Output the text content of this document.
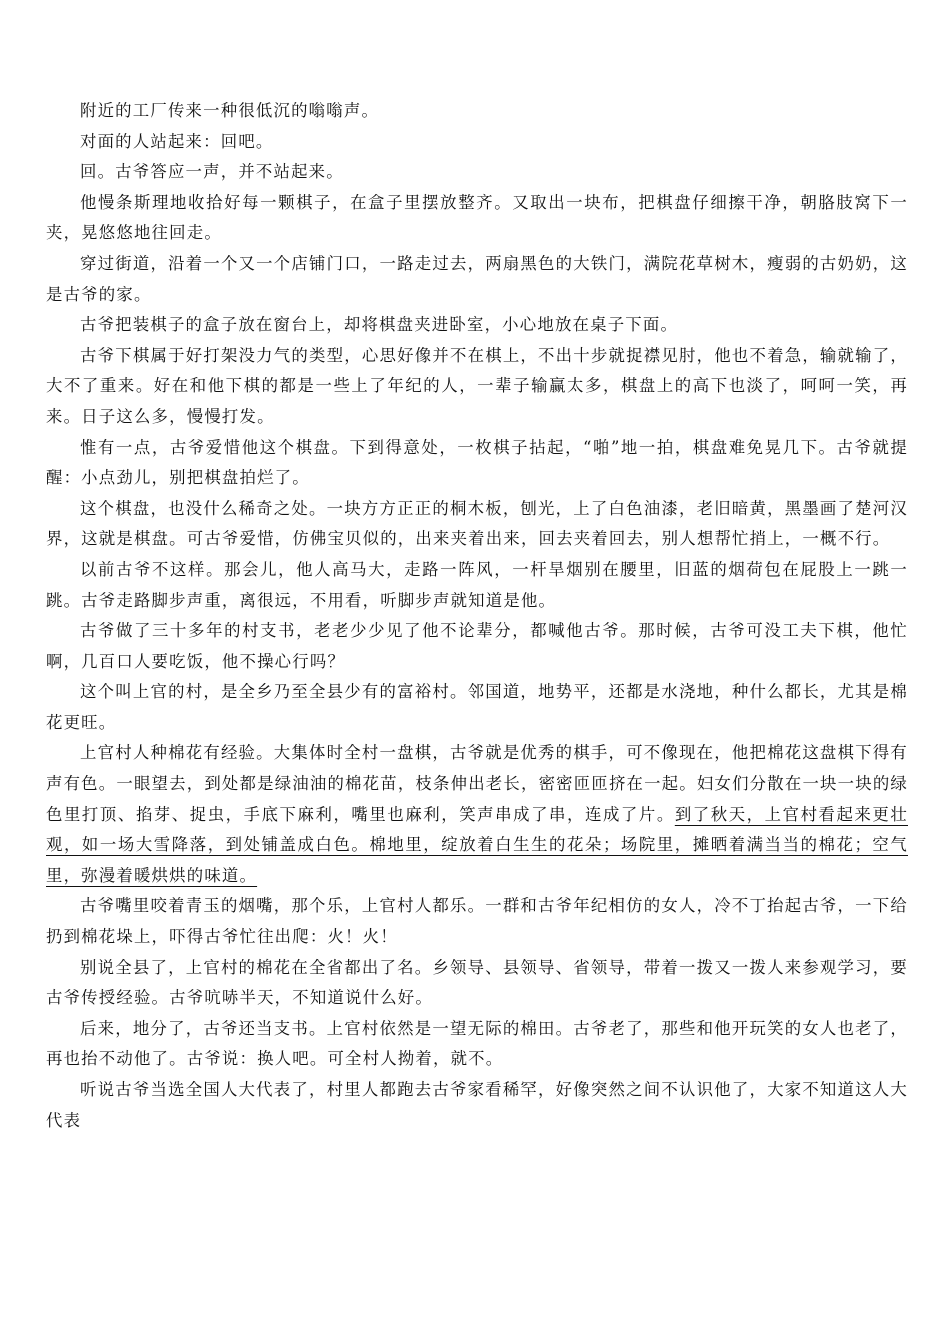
附近的工厂传来一种很低沉的嗡嗡声。

对面的人站起来：回吧。

回。古爷答应一声，并不站起来。

他慢条斯理地收拾好每一颗棋子，在盒子里摆放整齐。又取出一块布，把棋盘仔细擦干净，朝胳肢窝下一夹，晃悠悠地往回走。

穿过街道，沿着一个又一个店铺门口，一路走过去，两扇黑色的大铁门，满院花草树木，瘦弱的古奶奶，这是古爷的家。

古爷把装棋子的盒子放在窗台上，却将棋盘夹进卧室，小心地放在桌子下面。

古爷下棋属于好打架没力气的类型，心思好像并不在棋上，不出十步就捉襟见肘，他也不着急，输就输了，大不了重来。好在和他下棋的都是一些上了年纪的人，一辈子输赢太多，棋盘上的高下也淡了，呵呵一笑，再来。日子这么多，慢慢打发。

惟有一点，古爷爱惜他这个棋盘。下到得意处，一枚棋子拈起，“啪”地一拍，棋盘难免晃几下。古爷就提醒：小点劲儿，别把棋盘拍烂了。

这个棋盘，也没什么稀奇之处。一块方方正正的桐木板，刨光，上了白色油漆，老旧暗黄，黑墨画了楚河汉界，这就是棋盘。可古爷爱惜，仿佛宝贝似的，出来夹着出来，回去夹着回去，别人想帮忙捎上，一概不行。

以前古爷不这样。那会儿，他人高马大，走路一阵风，一杆旱烟别在腰里，旧蓝的烟荷包在屁股上一跳一跳。古爷走路脚步声重，离很远，不用看，听脚步声就知道是他。

古爷做了三十多年的村支书，老老少少见了他不论辈分，都喊他古爷。那时候，古爷可没工夫下棋，他忙啊，几百口人要吃饭，他不操心行吗？

这个叫上官的村，是全乡乃至全县少有的富裕村。邻国道，地势平，还都是水浇地，种什么都长，尤其是棉花更旺。

上官村人种棉花有经验。大集体时全村一盘棋，古爷就是优秀的棋手，可不像现在，他把棉花这盘棋下得有声有色。一眼望去，到处都是绿油油的棉花苗，枝条伸出老长，密密匝匝挤在一起。妇女们分散在一块一块的绿色里打顶、掐芽、捉虫，手底下麻利，嘴里也麻利，笑声串成了串，连成了片。到了秋天，上官村看起来更壮观，如一场大雪降落，到处铺盖成白色。棉地里，绽放着白生生的花朵；场院里，摊晒着满当当的棉花；空气里，弥漫着暖烘烘的味道。

古爷嘴里咬着青玉的烟嘴，那个乐，上官村人都乐。一群和古爷年纪相仿的女人，冷不丁抬起古爷，一下给扔到棉花垛上，吓得古爷忙往出爬：火！火！

别说全县了，上官村的棉花在全省都出了名。乡领导、县领导、省领导，带着一拨又一拨人来参观学习，要古爷传授经验。古爷吭哧半天，不知道说什么好。

后来，地分了，古爷还当支书。上官村依然是一望无际的棉田。古爷老了，那些和他开玩笑的女人也老了，再也抬不动他了。古爷说：换人吧。可全村人拗着，就不。

听说古爷当选全国人大代表了，村里人都跑去古爷家看稀罕，好像突然之间不认识他了，大家不知道这人大代表
